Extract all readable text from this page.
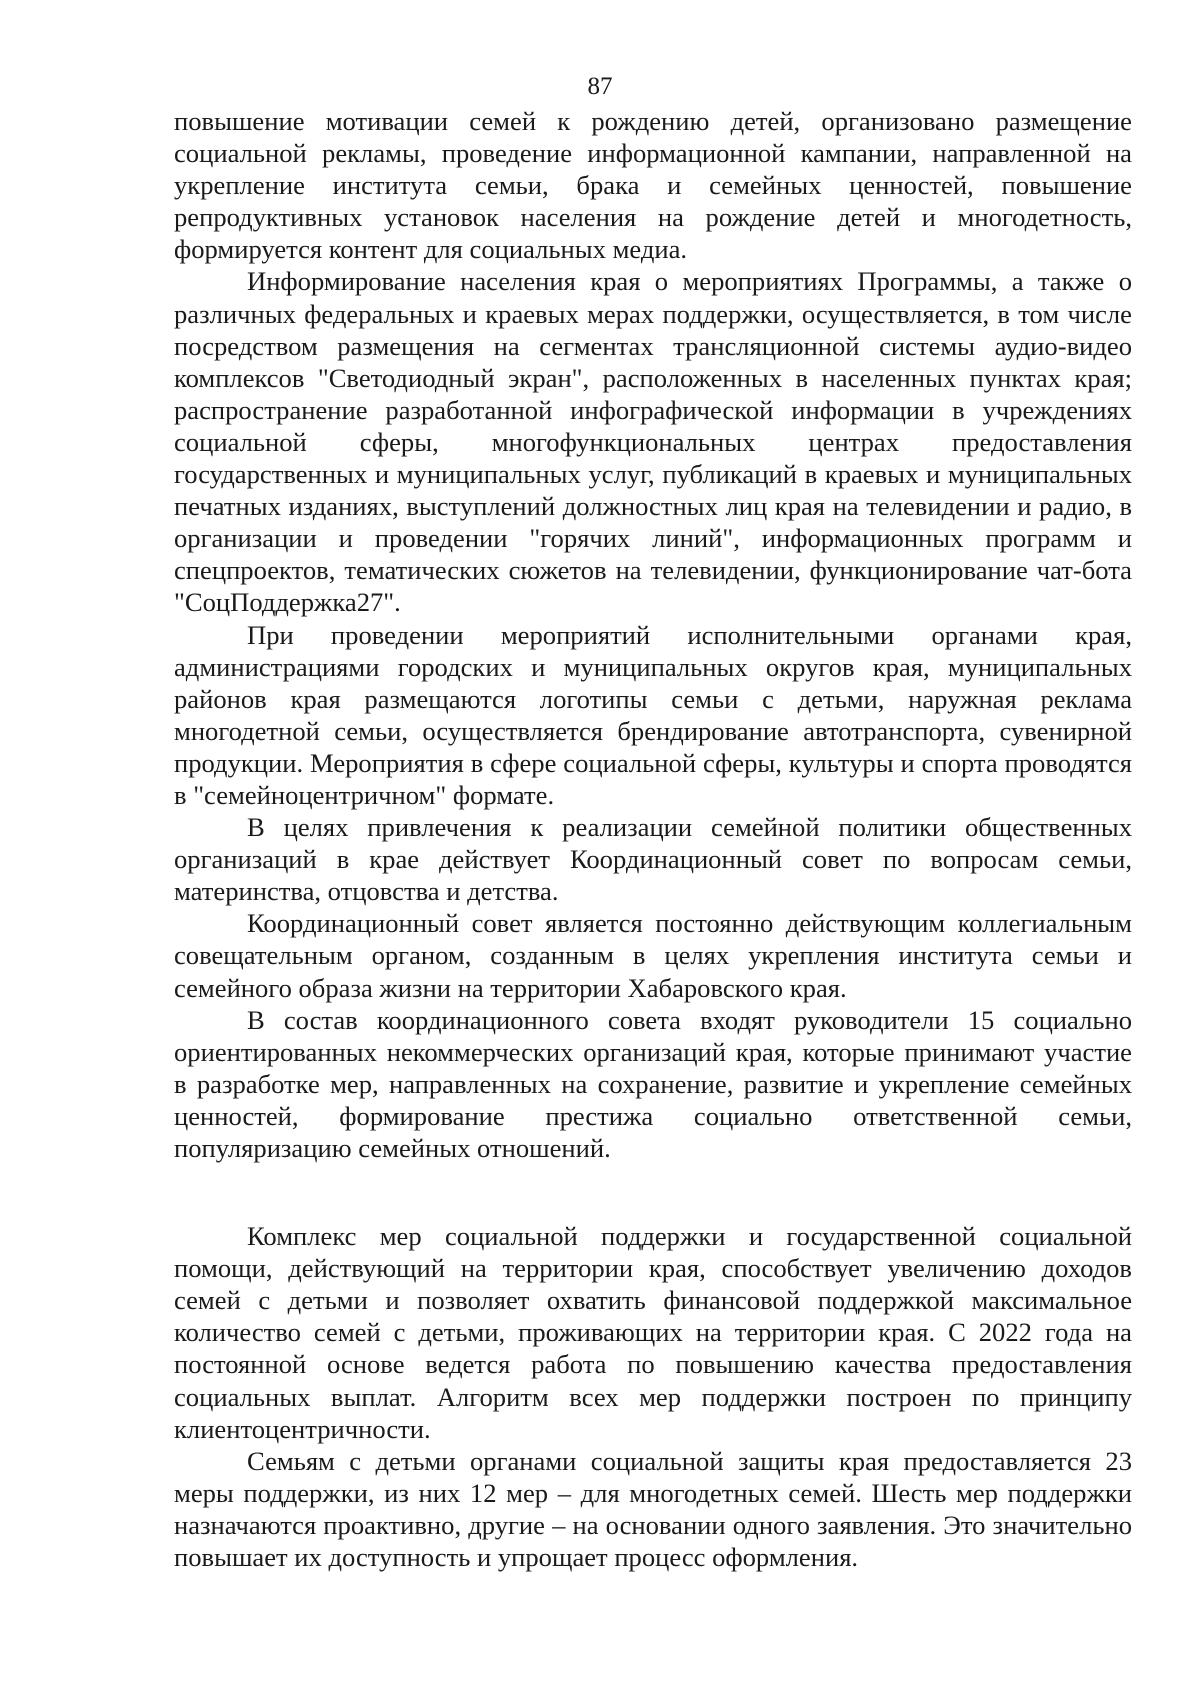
87

повышение мотивации семей к рождению детей, организовано размещение социальной рекламы, проведение информационной кампании, направленной на укрепление института семьи, брака и семейных ценностей, повышение репродуктивных установок населения на рождение детей и многодетность, формируется контент для социальных медиа.

Информирование населения края о мероприятиях Программы, а также о различных федеральных и краевых мерах поддержки, осуществляется, в том числе посредством размещения на сегментах трансляционной системы аудио-видео комплексов "Светодиодный экран", расположенных в населенных пунктах края; распространение разработанной инфографической информации в учреждениях социальной сферы, многофункциональных центрах предоставления государственных и муниципальных услуг, публикаций в краевых и муниципальных печатных изданиях, выступлений должностных лиц края на телевидении и радио, в организации и проведении "горячих линий", информационных программ и спецпроектов, тематических сюжетов на телевидении, функционирование чат-бота "СоцПоддержка27".

При проведении мероприятий исполнительными органами края, администрациями городских и муниципальных округов края, муниципальных районов края размещаются логотипы семьи с детьми, наружная реклама многодетной семьи, осуществляется брендирование автотранспорта, сувенирной продукции. Мероприятия в сфере социальной сферы, культуры и спорта проводятся в "семейноцентричном" формате.

В целях привлечения к реализации семейной политики общественных организаций в крае действует Координационный совет по вопросам семьи, материнства, отцовства и детства.

Координационный совет является постоянно действующим коллегиальным совещательным органом, созданным в целях укрепления института семьи и семейного образа жизни на территории Хабаровского края.

В состав координационного совета входят руководители 15 социально ориентированных некоммерческих организаций края, которые принимают участие в разработке мер, направленных на сохранение, развитие и укрепление семейных ценностей, формирование престижа социально ответственной семьи, популяризацию семейных отношений.

Комплекс мер социальной поддержки и государственной социальной помощи, действующий на территории края, способствует увеличению доходов семей с детьми и позволяет охватить финансовой поддержкой максимальное количество семей с детьми, проживающих на территории края. С 2022 года на постоянной основе ведется работа по повышению качества предоставления социальных выплат. Алгоритм всех мер поддержки построен по принципу клиентоцентричности.

Семьям с детьми органами социальной защиты края предоставляется 23 меры поддержки, из них 12 мер – для многодетных семей. Шесть мер поддержки назначаются проактивно, другие – на основании одного заявления. Это значительно повышает их доступность и упрощает процесс оформления.
